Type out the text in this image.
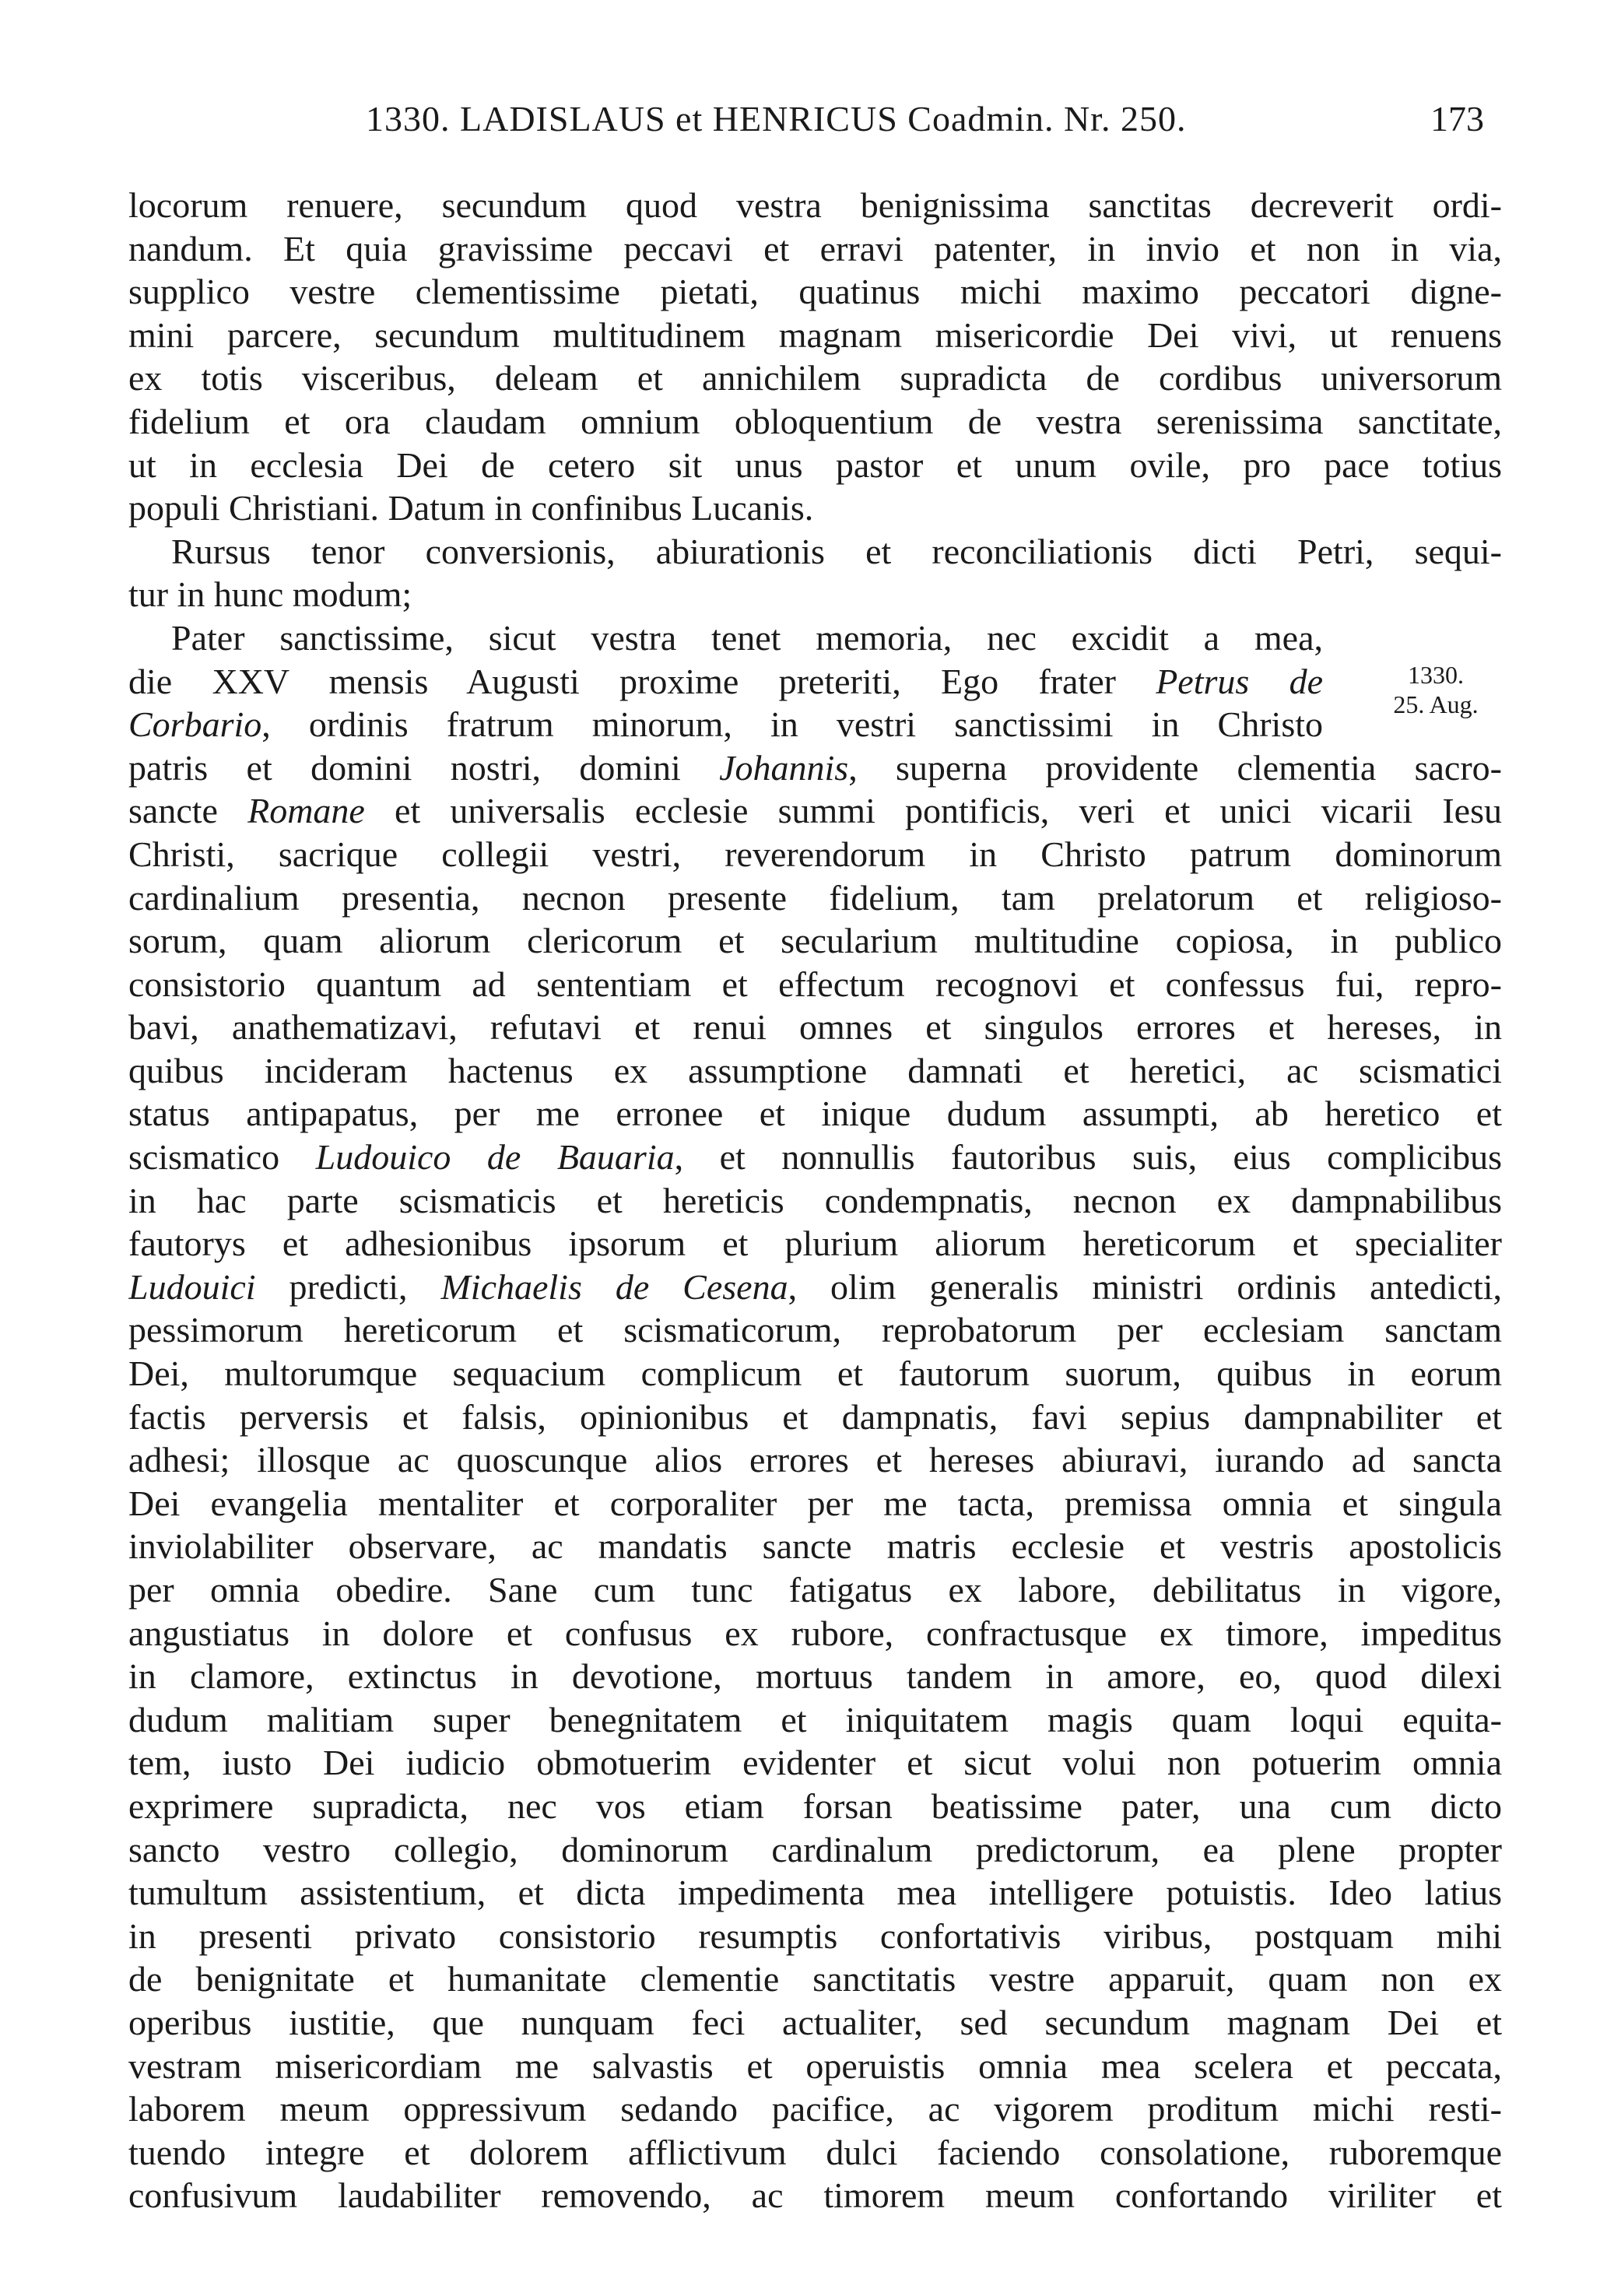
1330. LADISLAUS et HENRICUS Coadmin. Nr. 250.	173
1330.
25. Aug.
locorum renuere, secundum quod vestra benignissima sanctitas decreverit ordi-
nandum. Et quia gravissime peccavi et erravi patenter, in invio et non in via,
supplico vestre clementissime pietati, quatinus michi maximo peccatori digne-
mini parcere, secundum multitudinem magnam misericordie Dei vivi, ut renuens
ex totis visceribus, deleam et annichilem supradicta de cordibus universorum
fidelium et ora claudam omnium obloquentium de vestra serenissima sanctitate,
ut in ecclesia Dei de cetero sit unus pastor et unum ovile, pro pace totius
populi Christiani. Datum in confinibus Lucanis.
Rursus tenor conversionis, abiurationis et reconciliationis dicti Petri, sequi-
tur in hunc modum;
Pater sanctissime, sicut vestra tenet memoria, nec excidit a mea,
die XXV mensis Augusti proxime preteriti, Ego frater Petrus de
Corbario, ordinis fratrum minorum, in vestri sanctissimi in Christo
patris et domini nostri, domini Johannis, superna providente clementia sacro-
sancte Romane et universalis ecclesie summi pontificis, veri et unici vicarii Iesu
Christi, sacrique collegii vestri, reverendorum in Christo patrum dominorum
cardinalium presentia, necnon presente fidelium, tam prelatorum et religioso-
sorum, quam aliorum clericorum et secularium multitudine copiosa, in publico
consistorio quantum ad sententiam et effectum recognovi et confessus fui, repro-
bavi, anathematizavi, refutavi et renui omnes et singulos errores et hereses, in
quibus incideram hactenus ex assumptione damnati et heretici, ac scismatici
status antipapatus, per me erronee et inique dudum assumpti, ab heretico et
scismatico Ludouico de Bauaria, et nonnullis fautoribus suis, eius complicibus
in hac parte scismaticis et hereticis condempnatis, necnon ex dampnabilibus
fautorys et adhesionibus ipsorum et plurium aliorum hereticorum et specialiter
Ludouici predicti, Michaelis de Cesena, olim generalis ministri ordinis antedicti,
pessimorum hereticorum et scismaticorum, reprobatorum per ecclesiam sanctam
Dei, multorumque sequacium complicum et fautorum suorum, quibus in eorum
factis perversis et falsis, opinionibus et dampnatis, favi sepius dampnabiliter et
adhesi; illosque ac quoscunque alios errores et hereses abiuravi, iurando ad sancta
Dei evangelia mentaliter et corporaliter per me tacta, premissa omnia et singula
inviolabiliter observare, ac mandatis sancte matris ecclesie et vestris apostolicis
per omnia obedire. Sane cum tunc fatigatus ex labore, debilitatus in vigore,
angustiatus in dolore et confusus ex rubore, confractusque ex timore, impeditus
in clamore, extinctus in devotione, mortuus tandem in amore, eo, quod dilexi
dudum malitiam super benegnitatem et iniquitatem magis quam loqui equita-
tem, iusto Dei iudicio obmotuerim evidenter et sicut volui non potuerim omnia
exprimere supradicta, nec vos etiam forsan beatissime pater, una cum dicto
sancto vestro collegio, dominorum cardinalum predictorum, ea plene propter
tumultum assistentium, et dicta impedimenta mea intelligere potuistis. Ideo latius
in presenti privato consistorio resumptis confortativis viribus, postquam mihi
de benignitate et humanitate clementie sanctitatis vestre apparuit, quam non ex
operibus iustitie, que nunquam feci actualiter, sed secundum magnam Dei et
vestram misericordiam me salvastis et operuistis omnia mea scelera et peccata,
laborem meum oppressivum sedando pacifice, ac vigorem proditum michi resti-
tuendo integre et dolorem afflictivum dulci faciendo consolatione, ruboremque
confusivum laudabiliter removendo, ac timorem meum confortando viriliter et
